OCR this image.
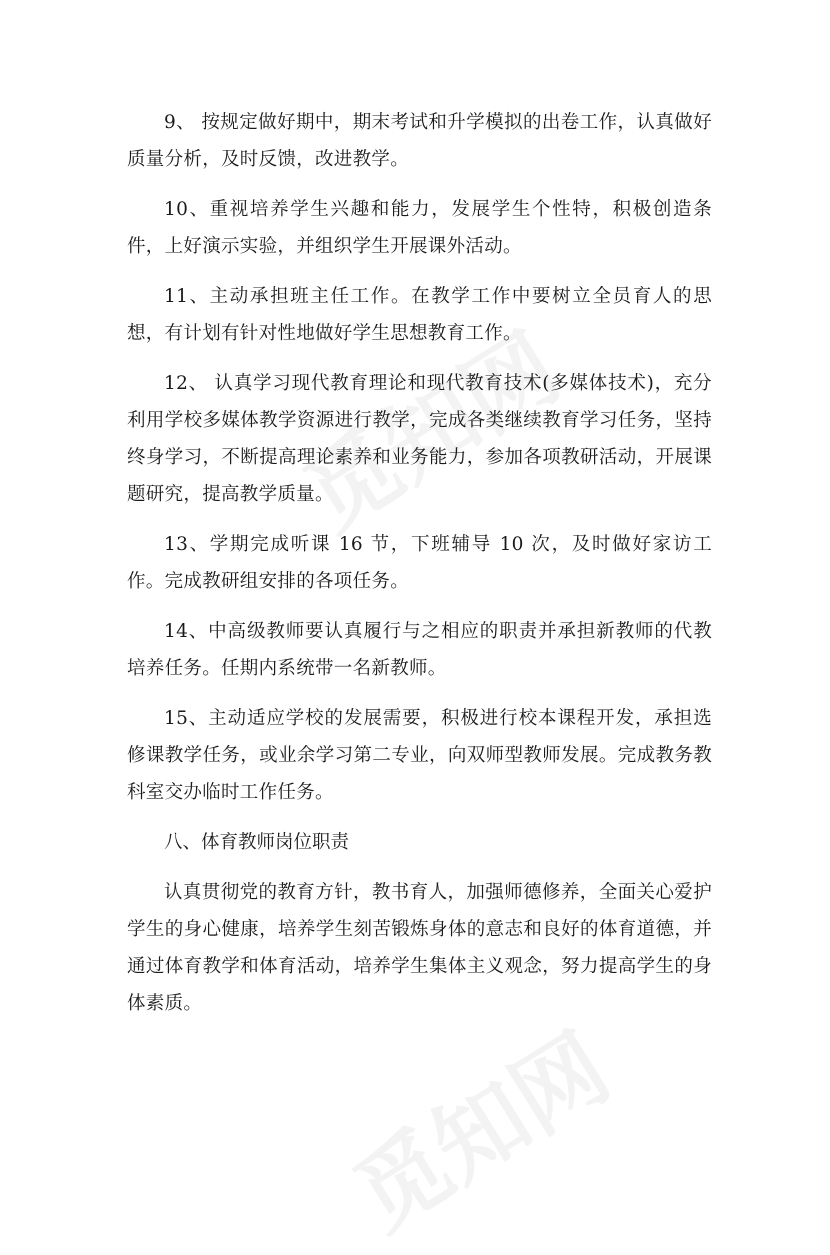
9、 按规定做好期中，期末考试和升学模拟的出卷工作，认真做好质量分析，及时反馈，改进教学。

10、重视培养学生兴趣和能力，发展学生个性特，积极创造条件，上好演示实验，并组织学生开展课外活动。

11、主动承担班主任工作。在教学工作中要树立全员育人的思想，有计划有针对性地做好学生思想教育工作。

12、 认真学习现代教育理论和现代教育技术(多媒体技术)，充分利用学校多媒体教学资源进行教学，完成各类继续教育学习任务，坚持终身学习，不断提高理论素养和业务能力，参加各项教研活动，开展课题研究，提高教学质量。

13、学期完成听课 16 节，下班辅导 10 次，及时做好家访工作。完成教研组安排的各项任务。

14、中高级教师要认真履行与之相应的职责并承担新教师的代教培养任务。任期内系统带一名新教师。

15、主动适应学校的发展需要，积极进行校本课程开发，承担选修课教学任务，或业余学习第二专业，向双师型教师发展。完成教务教科室交办临时工作任务。

八、体育教师岗位职责

认真贯彻党的教育方针，教书育人，加强师德修养，全面关心爱护学生的身心健康，培养学生刻苦锻炼身体的意志和良好的体育道德，并通过体育教学和体育活动，培养学生集体主义观念，努力提高学生的身体素质。
